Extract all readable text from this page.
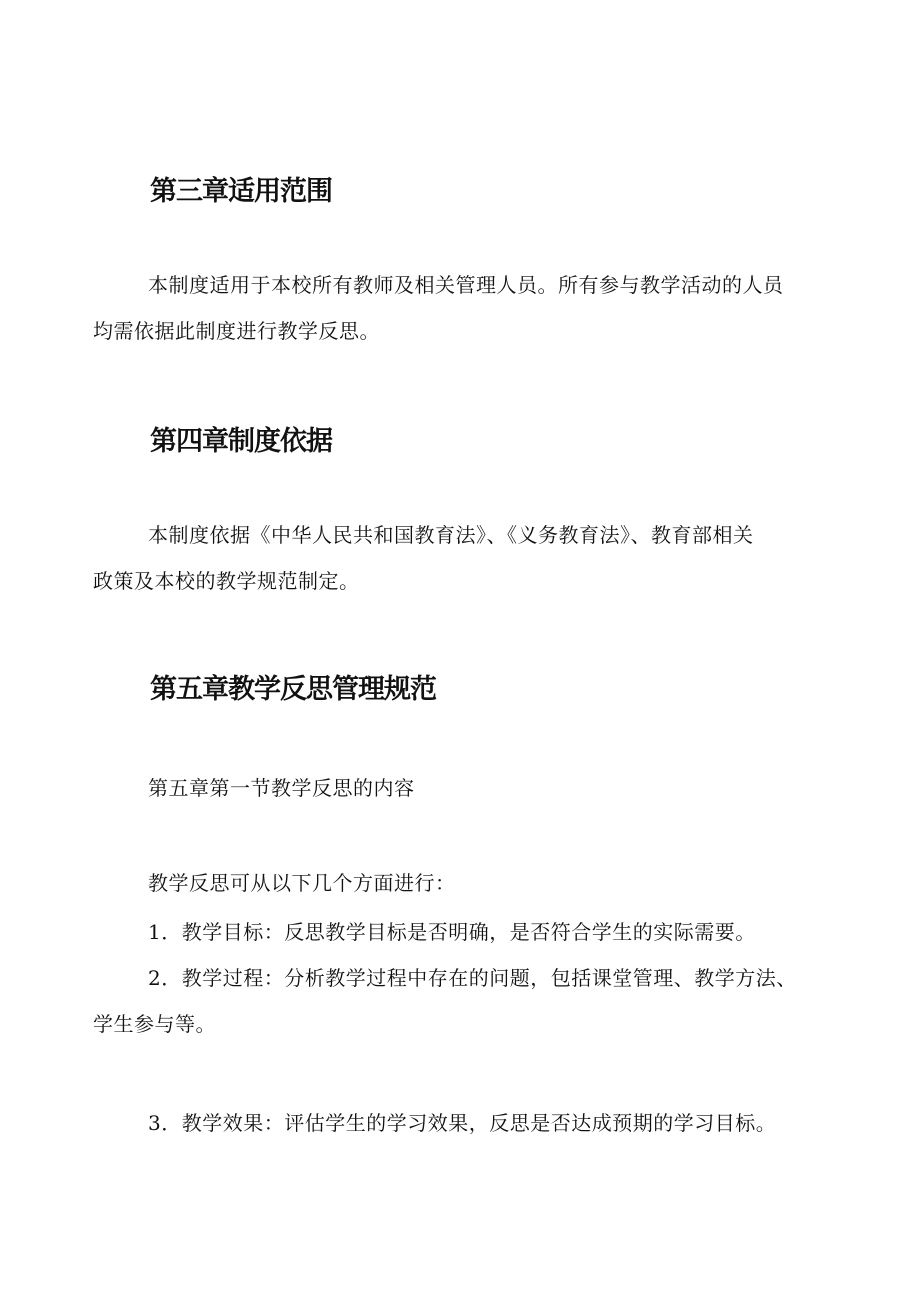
第三章适用范围
本制度适用于本校所有教师及相关管理人员。所有参与教学活动的人员
均需依据此制度进行教学反思。
第四章制度依据
本制度依据《中华人民共和国教育法》、《义务教育法》、教育部相关
政策及本校的教学规范制定。
第五章教学反思管理规范
第五章第一节教学反思的内容
教学反思可从以下几个方面进行：
1．教学目标：反思教学目标是否明确，是否符合学生的实际需要。
2．教学过程：分析教学过程中存在的问题，包括课堂管理、教学方法、
学生参与等。
3．教学效果：评估学生的学习效果，反思是否达成预期的学习目标。
